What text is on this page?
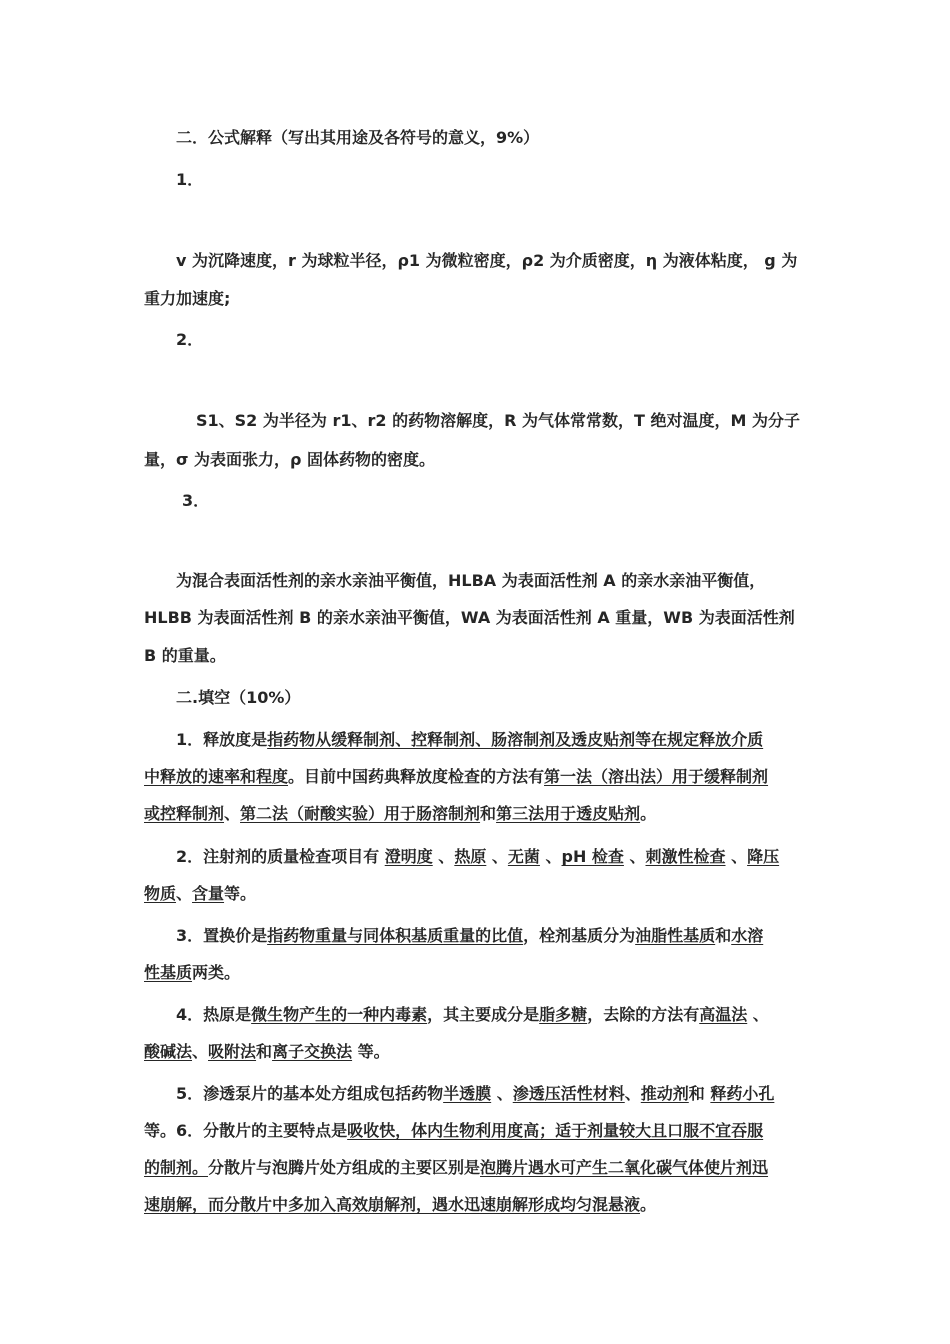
二．公式解释（写出其用途及各符号的意义，9%）
1．
v 为沉降速度，r 为球粒半径，ρ1 为微粒密度，ρ2 为介质密度，η 为液体粘度， g 为
重力加速度;
2．
S1、S2 为半径为 r1、r2 的药物溶解度，R 为气体常常数，T 绝对温度，M 为分子
量，σ 为表面张力，ρ 固体药物的密度。
3．
为混合表面活性剂的亲水亲油平衡值，HLBA 为表面活性剂 A 的亲水亲油平衡值，
HLBB 为表面活性剂 B 的亲水亲油平衡值，WA 为表面活性剂 A 重量，WB 为表面活性剂
B 的重量。
二.填空（10%）
1．释放度是指药物从缓释制剂、控释制剂、肠溶制剂及透皮贴剂等在规定释放介质
中释放的速率和程度。目前中国药典释放度检查的方法有第一法（溶出法）用于缓释制剂
或控释制剂、第二法（耐酸实验）用于肠溶制剂和第三法用于透皮贴剂。
2．注射剂的质量检查项目有 澄明度 、热原 、无菌 、pH 检查 、刺激性检查 、降压
物质、含量等。
3．置换价是指药物重量与同体积基质重量的比值，栓剂基质分为油脂性基质和水溶
性基质两类。
4．热原是微生物产生的一种内毒素，其主要成分是脂多糖，去除的方法有高温法 、
酸碱法、吸附法和离子交换法 等。
5．渗透泵片的基本处方组成包括药物半透膜 、渗透压活性材料、推动剂和 释药小孔
等。6．分散片的主要特点是吸收快，体内生物利用度高；适于剂量较大且口服不宜吞服
的制剂。分散片与泡腾片处方组成的主要区别是泡腾片遇水可产生二氧化碳气体使片剂迅
速崩解，而分散片中多加入高效崩解剂，遇水迅速崩解形成均匀混悬液。
